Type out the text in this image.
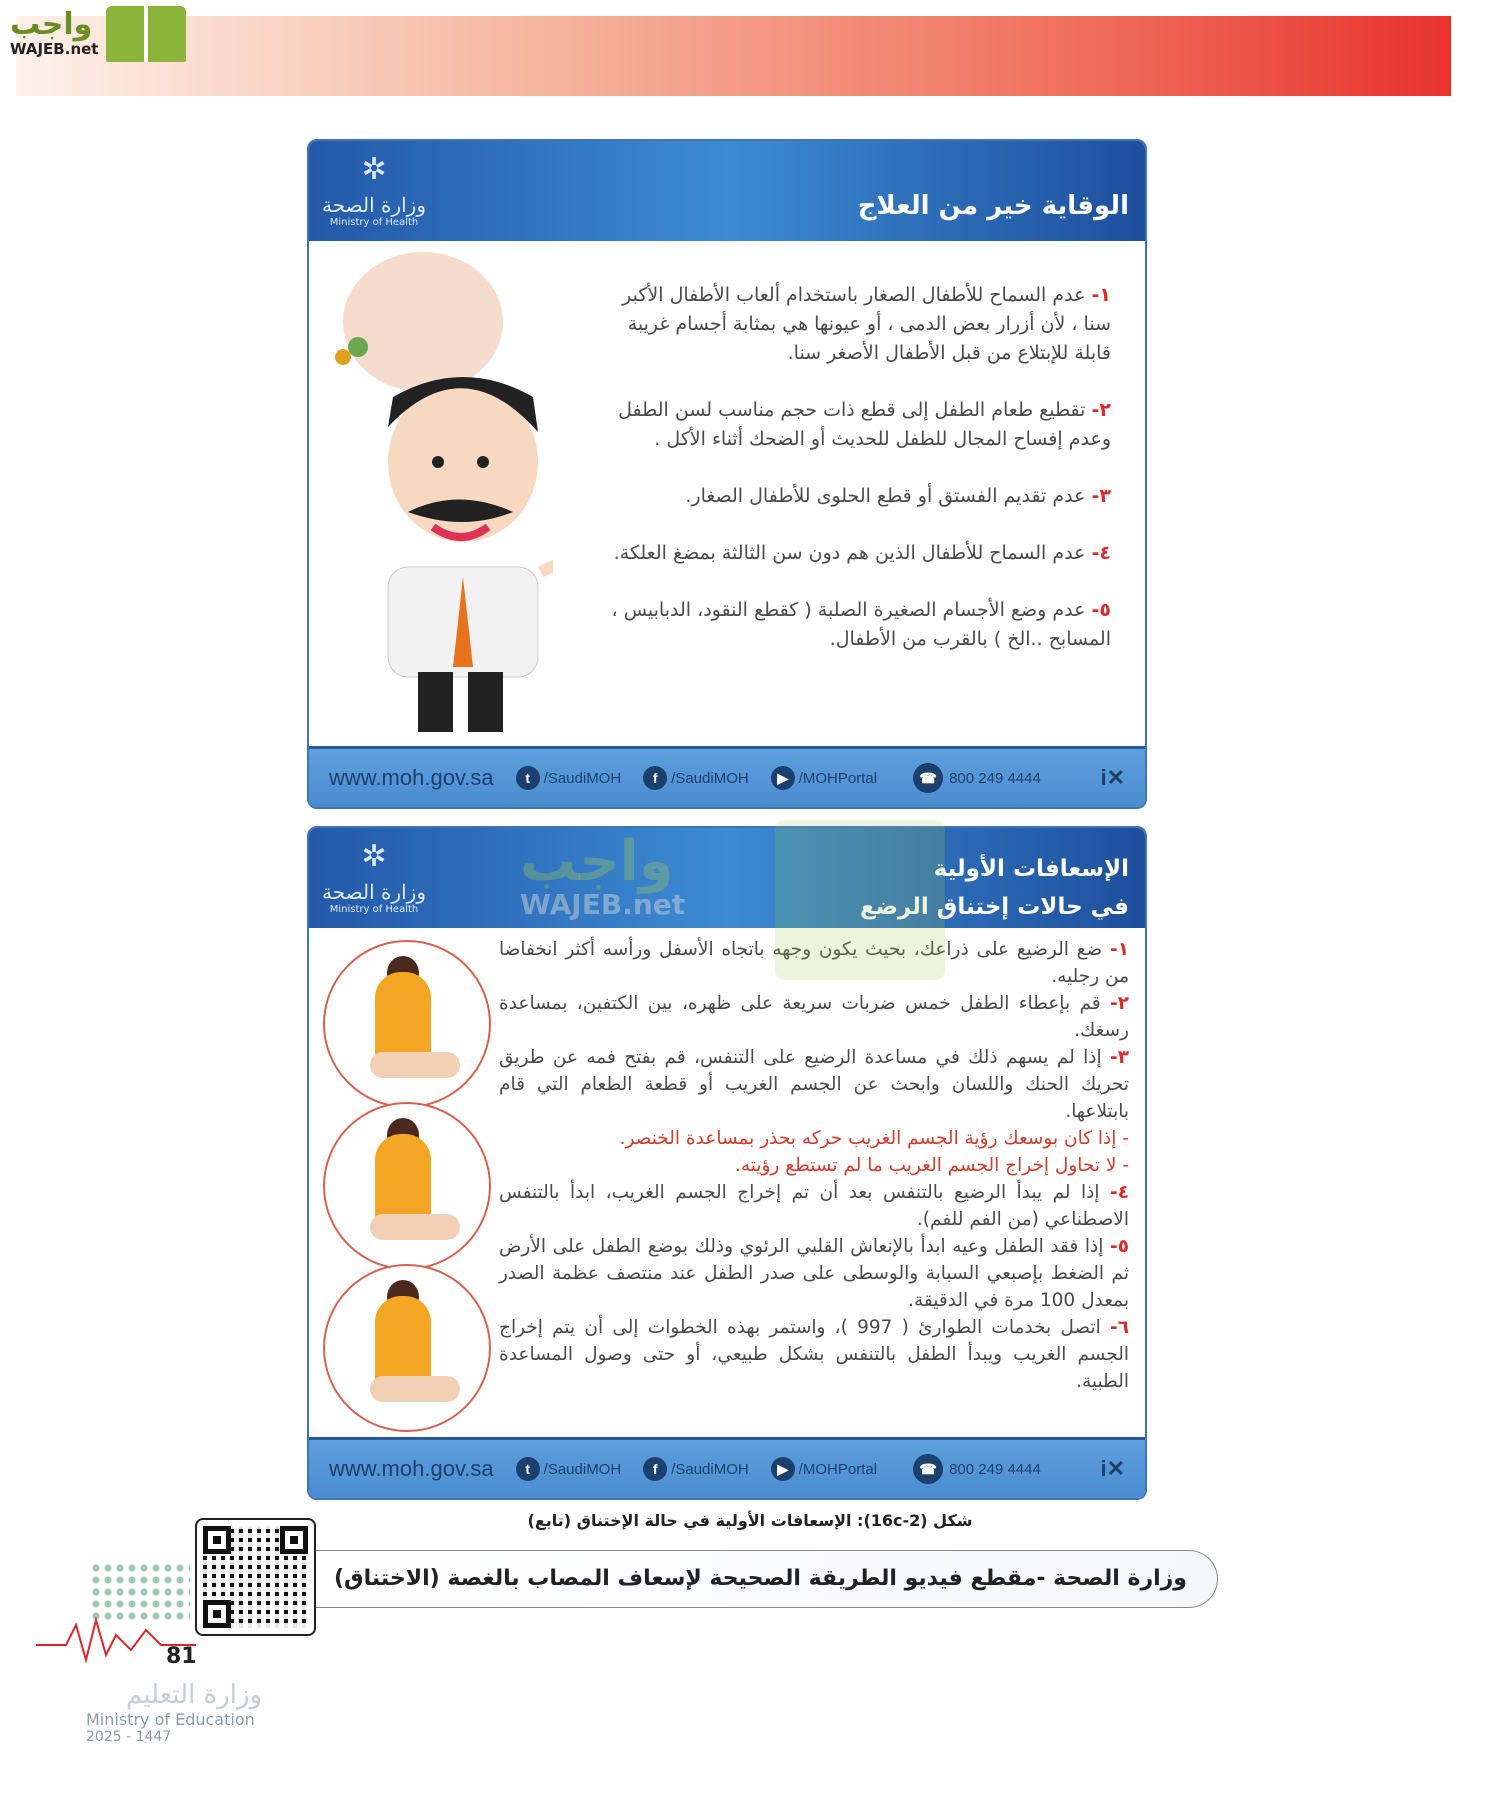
واجب
WAJEB.net
✲
وزارة الصحة
Ministry of Health
الوقاية خير من العلاج

١- عدم السماح للأطفال الصغار باستخدام ألعاب الأطفال الأكبر سنا ، لأن أزرار بعض الدمى ، أو عيونها هي بمثابة أجسام غريبة قابلة للإبتلاع من قبل الأطفال الأصغر سنا.

٢- تقطيع طعام الطفل إلى قطع ذات حجم مناسب لسن الطفل وعدم إفساح المجال للطفل للحديث أو الضحك أثناء الأكل .

٣- عدم تقديم الفستق أو قطع الحلوى للأطفال الصغار.

٤- عدم السماح للأطفال الذين هم دون سن الثالثة بمضغ العلكة.

٥- عدم وضع الأجسام الصغيرة الصلبة ( كقطع النقود، الدبابيس ، المسابح ..الخ ) بالقرب من الأطفال.

www.moh.gov.sa	t /SaudiMOH	f /SaudiMOH	▶ /MOHPortal	☎ 800 249 4444	i✕
✲
وزارة الصحة
Ministry of Health
الإسعافات الأولية
في حالات إختناق الرضع
١- ضع الرضيع على ذراعك، بحيث يكون وجهه باتجاه الأسفل ورأسه أكثر انخفاضا من رجليه.
٢- قم بإعطاء الطفل خمس ضربات سريعة على ظهره، بين الكتفين، بمساعدة رسغك.
٣- إذا لم يسهم ذلك في مساعدة الرضيع على التنفس، قم بفتح فمه عن طريق تحريك الحنك واللسان وابحث عن الجسم الغريب أو قطعة الطعام التي قام بابتلاعها.
- إذا كان بوسعك رؤية الجسم الغريب حركه بحذر بمساعدة الخنصر.
- لا تحاول إخراج الجسم الغريب ما لم تستطع رؤيته.
٤- إذا لم يبدأ الرضيع بالتنفس بعد أن تم إخراج الجسم الغريب، ابدأ بالتنفس الاصطناعي (من الفم للفم).
٥- إذا فقد الطفل وعيه ابدأ بالإنعاش القلبي الرئوي وذلك بوضع الطفل على الأرض ثم الضغط بإصبعي السبابة والوسطى على صدر الطفل عند منتصف عظمة الصدر بمعدل 100 مرة في الدقيقة.
٦- اتصل بخدمات الطوارئ ( 997 )، واستمر بهذه الخطوات إلى أن يتم إخراج الجسم الغريب ويبدأ الطفل بالتنفس بشكل طبيعي، أو حتى وصول المساعدة الطبية.
www.moh.gov.sa	t /SaudiMOH	f /SaudiMOH	▶ /MOHPortal	☎ 800 249 4444	i✕
واجب
WAJEB.net
شكل (2-16c): الإسعافات الأولية في حالة الإختناق (تابع)
وزارة الصحة -مقطع فيديو الطريقة الصحيحة لإسعاف المصاب بالغصة (الاختناق)
81
وزارة التعليم
Ministry of Education
2025 - 1447
